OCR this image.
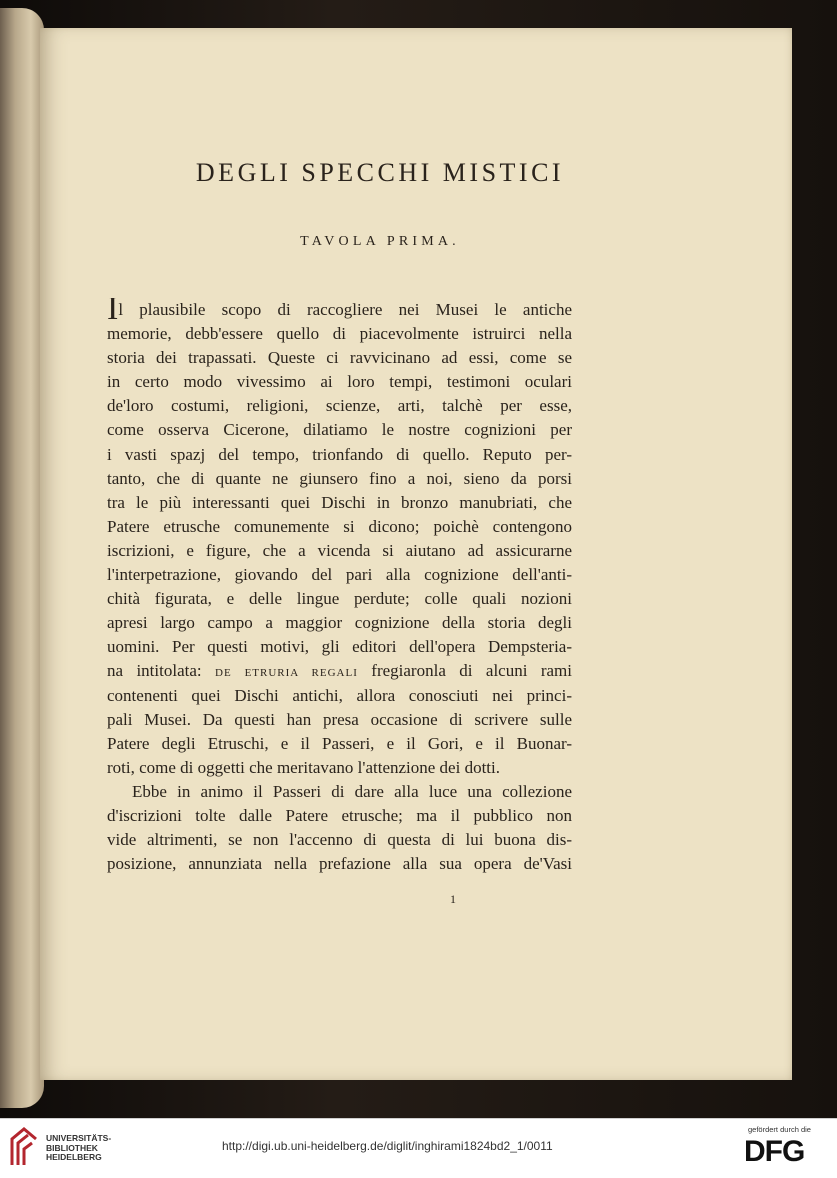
DEGLI SPECCHI MISTICI
TAVOLA PRIMA.
Il plausibile scopo di raccogliere nei Musei le antiche
memorie, debb'essere quello di piacevolmente istruirci nella
storia dei trapassati. Queste ci ravvicinano ad essi, come se
in certo modo vivessimo ai loro tempi, testimoni oculari
de'loro costumi, religioni, scienze, arti, talchè per esse,
come osserva Cicerone, dilatiamo le nostre cognizioni per
i vasti spazj del tempo, trionfando di quello. Reputo per-
tanto, che di quante ne giunsero fino a noi, sieno da porsi
tra le più interessanti quei Dischi in bronzo manubriati, che
Patere etrusche comunemente si dicono; poichè contengono
iscrizioni, e figure, che a vicenda si aiutano ad assicurarne
l'interpetrazione, giovando del pari alla cognizione dell'anti-
chità figurata, e delle lingue perdute; colle quali nozioni
apresi largo campo a maggior cognizione della storia degli
uomini. Per questi motivi, gli editori dell'opera Dempsteria-
na intitolata: DE ETRURIA REGALI fregiaronla di alcuni rami
contenenti quei Dischi antichi, allora conosciuti nei princi-
pali Musei. Da questi han presa occasione di scrivere sulle
Patere degli Etruschi, e il Passeri, e il Gori, e il Buonar-
roti, come di oggetti che meritavano l'attenzione dei dotti.
Ebbe in animo il Passeri di dare alla luce una collezione
d'iscrizioni tolte dalle Patere etrusche; ma il pubblico non
vide altrimenti, se non l'accenno di questa di lui buona dis-
posizione, annunziata nella prefazione alla sua opera de'Vasi
1
UNIVERSITÄTS-
BIBLIOTHEK
HEIDELBERG
http://digi.ub.uni-heidelberg.de/diglit/inghirami1824bd2_1/0011
gefördert durch die
DFG
